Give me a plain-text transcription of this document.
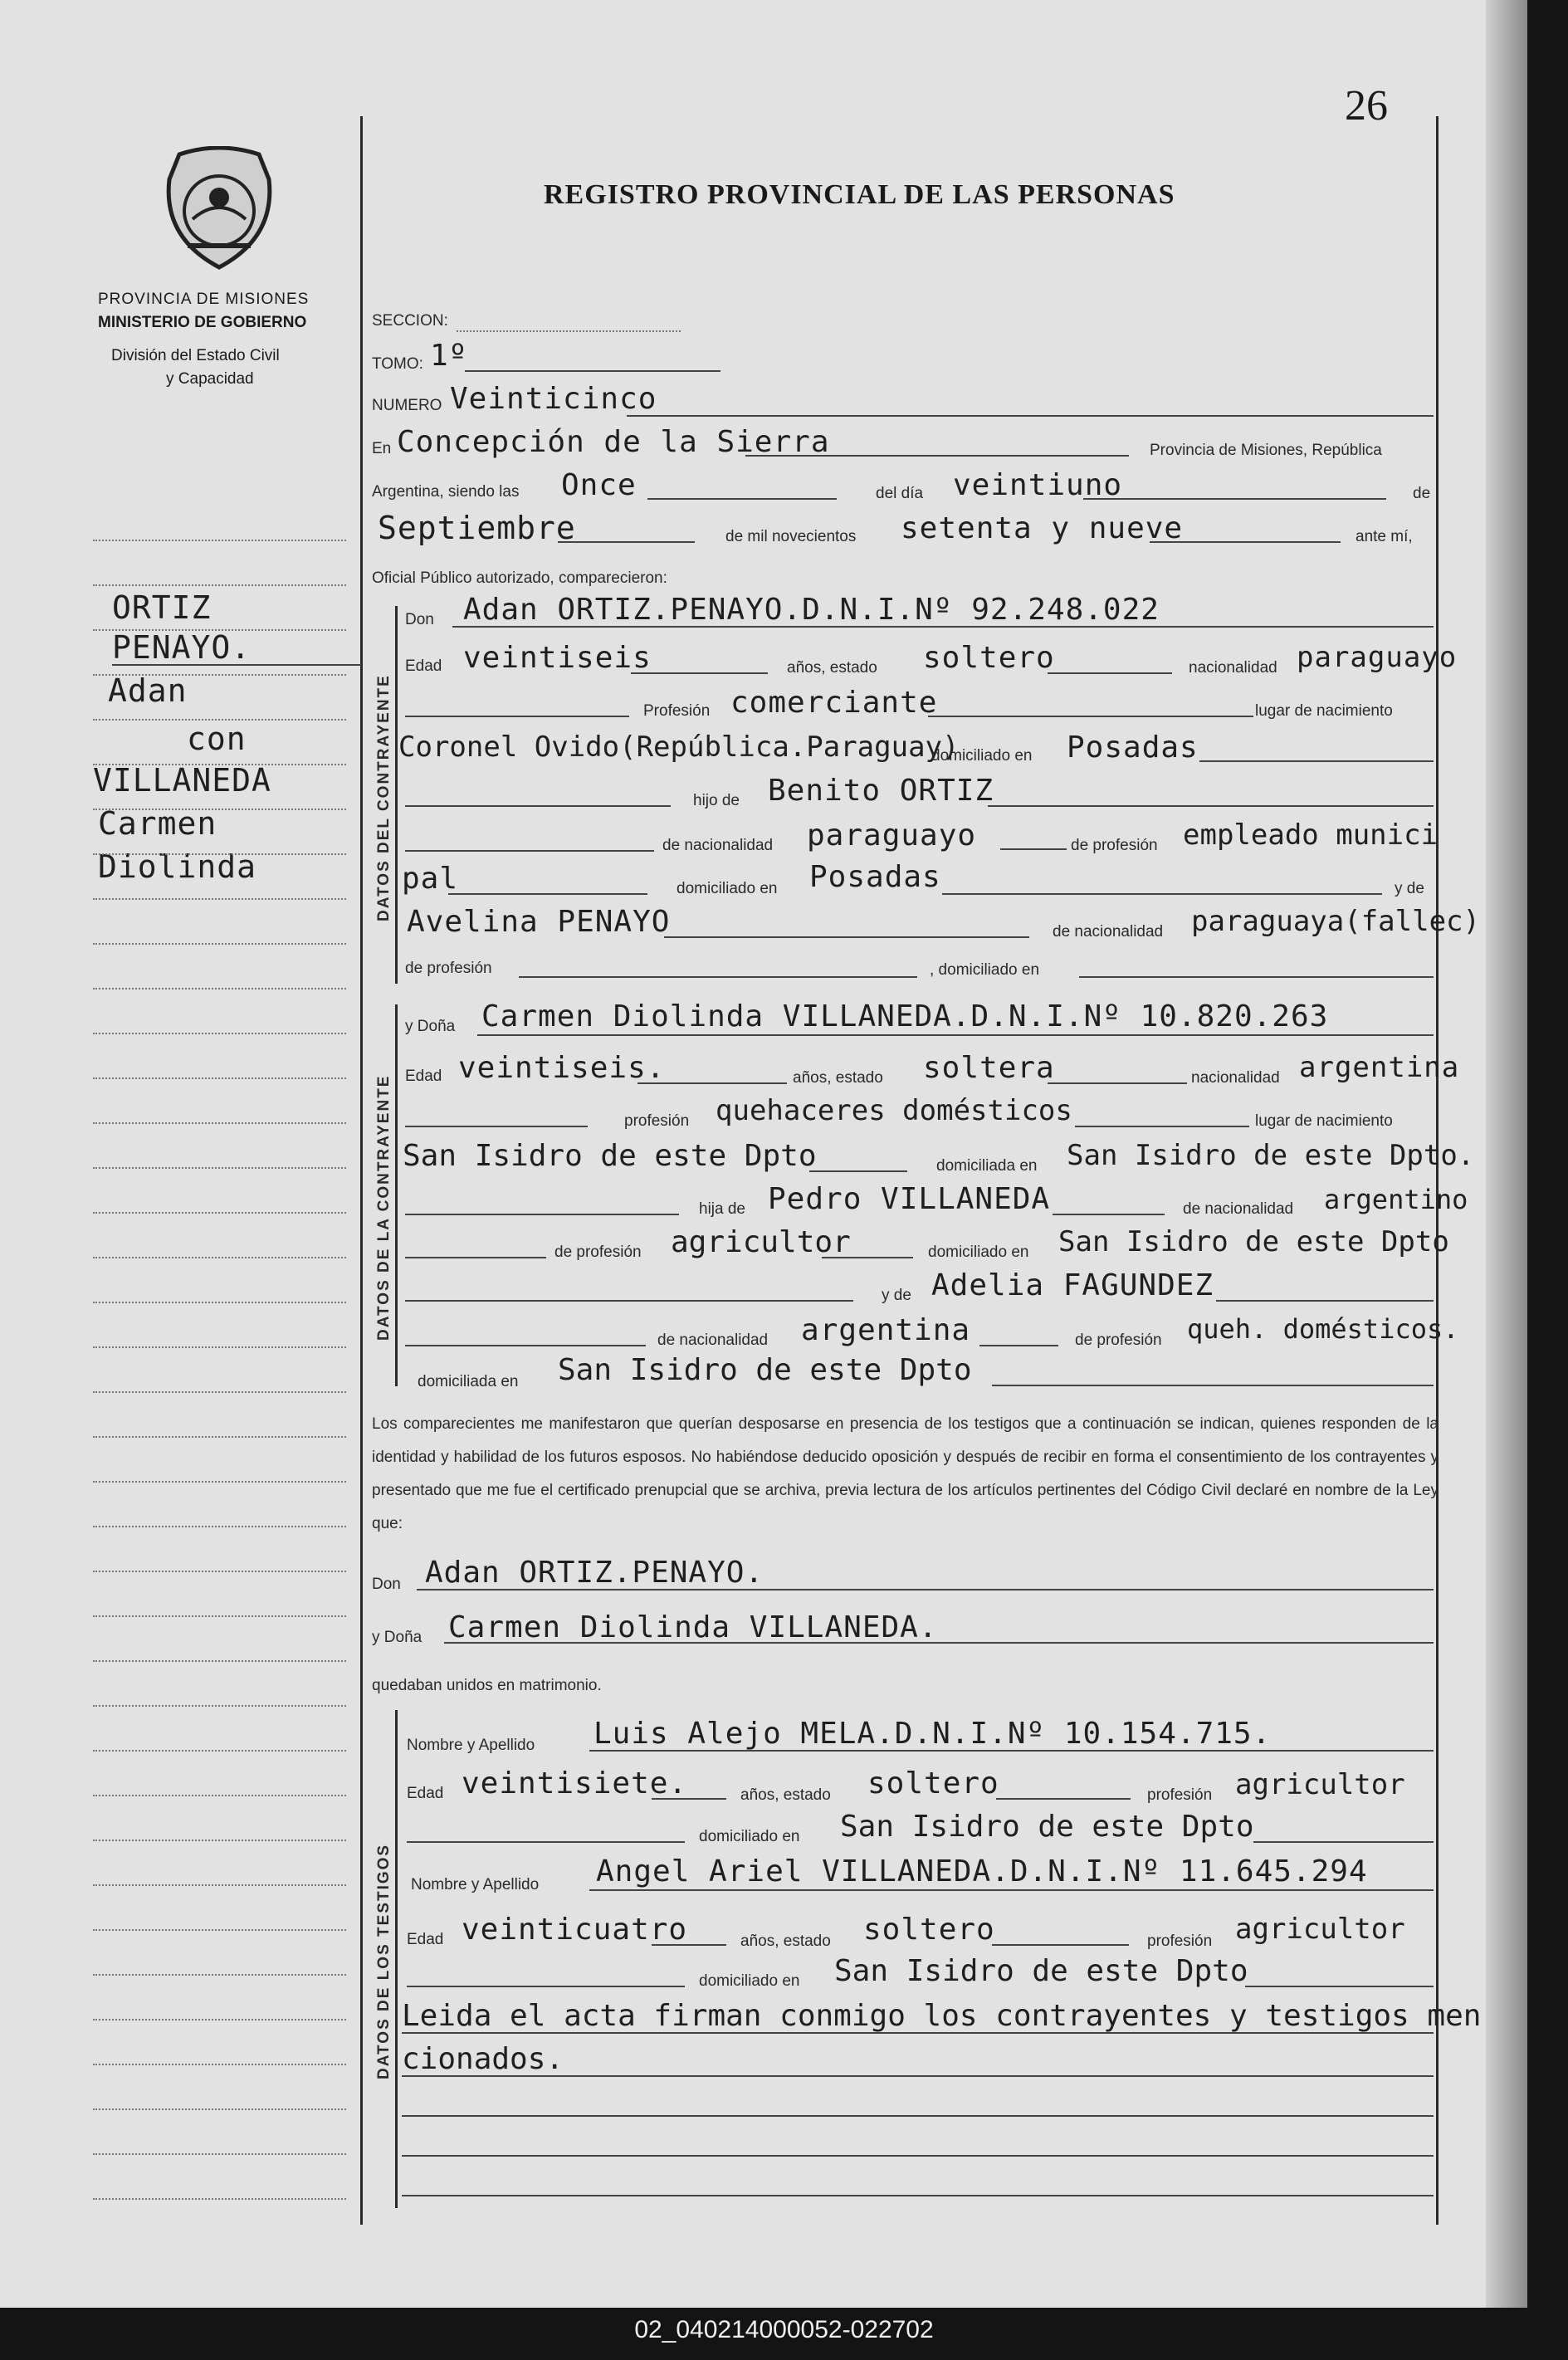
26
REGISTRO PROVINCIAL DE LAS PERSONAS
PROVINCIA DE MISIONES
MINISTERIO DE GOBIERNO
División del Estado Civil
y Capacidad
ORTIZ
PENAYO.
Adan
con
VILLANEDA
Carmen
Diolinda
SECCION:
TOMO: 1º
NUMERO Veinticinco
En Concepción de la Sierra	Provincia de Misiones, República
Argentina, siendo las Once	del día veintiuno	de
Septiembre	de mil novecientos setenta y nueve	ante mí,
Oficial Público autorizado, comparecieron:
DATOS DEL CONTRAYENTE
DATOS DE LA CONTRAYENTE
DATOS DE LOS TESTIGOS
Don Adan ORTIZ.PENAYO.D.N.I.Nº 92.248.022
Edad veintiseis	años, estado soltero	nacionalidad paraguayo
Profesión comerciante	lugar de nacimiento
Coronel Ovido(República.Paraguay)
domiciliado en Posadas
hijo de Benito ORTIZ
de nacionalidad paraguayo	de profesión empleado munici
pal	domiciliado en Posadas	y de
Avelina PENAYO	de nacionalidad paraguaya(fallec)
de profesión	, domiciliado en
y Doña Carmen Diolinda VILLANEDA.D.N.I.Nº 10.820.263
Edad veintiseis.	años, estado soltera	nacionalidad argentina
profesión quehaceres domésticos	lugar de nacimiento
San Isidro de este Dpto	domiciliada en San Isidro de este Dpto.
hija de Pedro VILLANEDA	de nacionalidad argentino
de profesión agricultor	domiciliado en San Isidro de este Dpto
y de Adelia FAGUNDEZ
de nacionalidad argentina	de profesión queh. domésticos.
domiciliada en San Isidro de este Dpto
Los comparecientes me manifestaron que querían desposarse en presencia de los testigos que a continuación se indican, quienes responden de la identidad y habilidad de los futuros esposos. No habiéndose deducido oposición y después de recibir en forma el consentimiento de los contrayentes y presentado que me fue el certificado prenupcial que se archiva, previa lectura de los artículos pertinentes del Código Civil declaré en nombre de la Ley que:
Don Adan ORTIZ.PENAYO.
y Doña Carmen Diolinda VILLANEDA.
quedaban unidos en matrimonio.
Nombre y Apellido Luis Alejo MELA.D.N.I.Nº 10.154.715.
Edad veintisiete.	años, estado soltero	profesión agricultor
domiciliado en San Isidro de este Dpto
Nombre y Apellido Angel Ariel VILLANEDA.D.N.I.Nº 11.645.294
Edad veinticuatro	años, estado soltero	profesión agricultor
domiciliado en San Isidro de este Dpto
Leida el acta firman conmigo los contrayentes y testigos men
cionados.
02_040214000052-022702
